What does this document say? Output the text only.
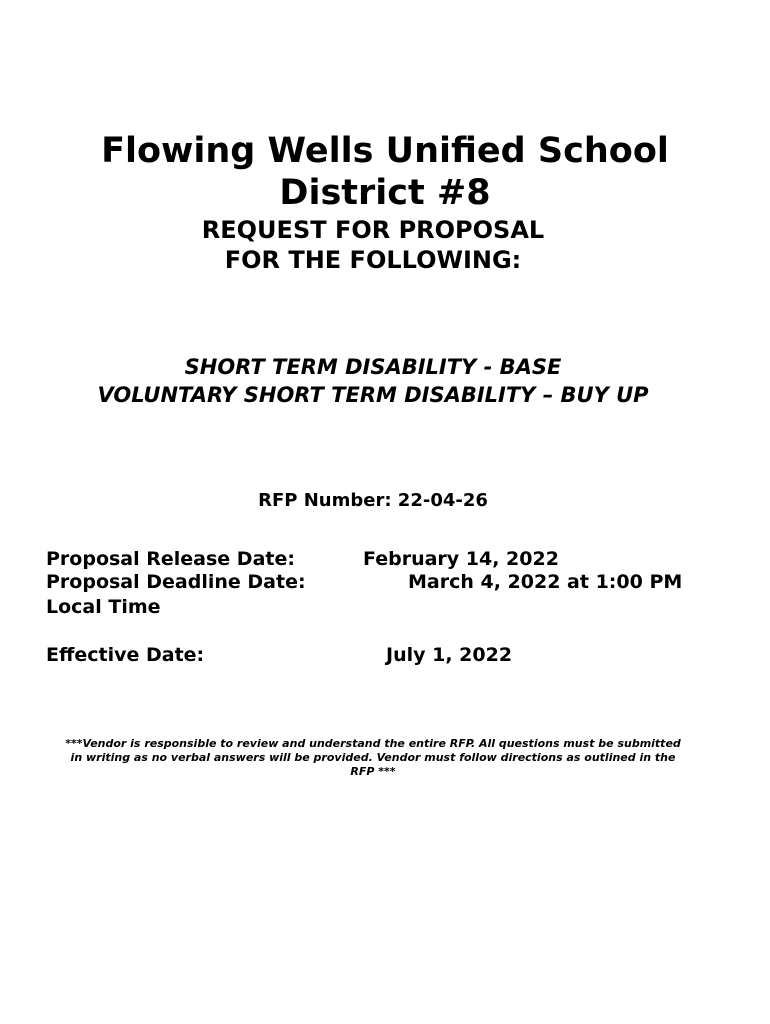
Flowing Wells Unified School
District #8
REQUEST FOR PROPOSAL
FOR THE FOLLOWING:
SHORT TERM DISABILITY - BASE
VOLUNTARY SHORT TERM DISABILITY – BUY UP
RFP Number: 22-04-26
Proposal Release Date:	February 14, 2022
Proposal Deadline Date:	March 4, 2022 at 1:00 PM
Local Time
Effective Date:	July 1, 2022
***Vendor is responsible to review and understand the entire RFP. All questions must be submitted
in writing as no verbal answers will be provided. Vendor must follow directions as outlined in the
RFP ***
